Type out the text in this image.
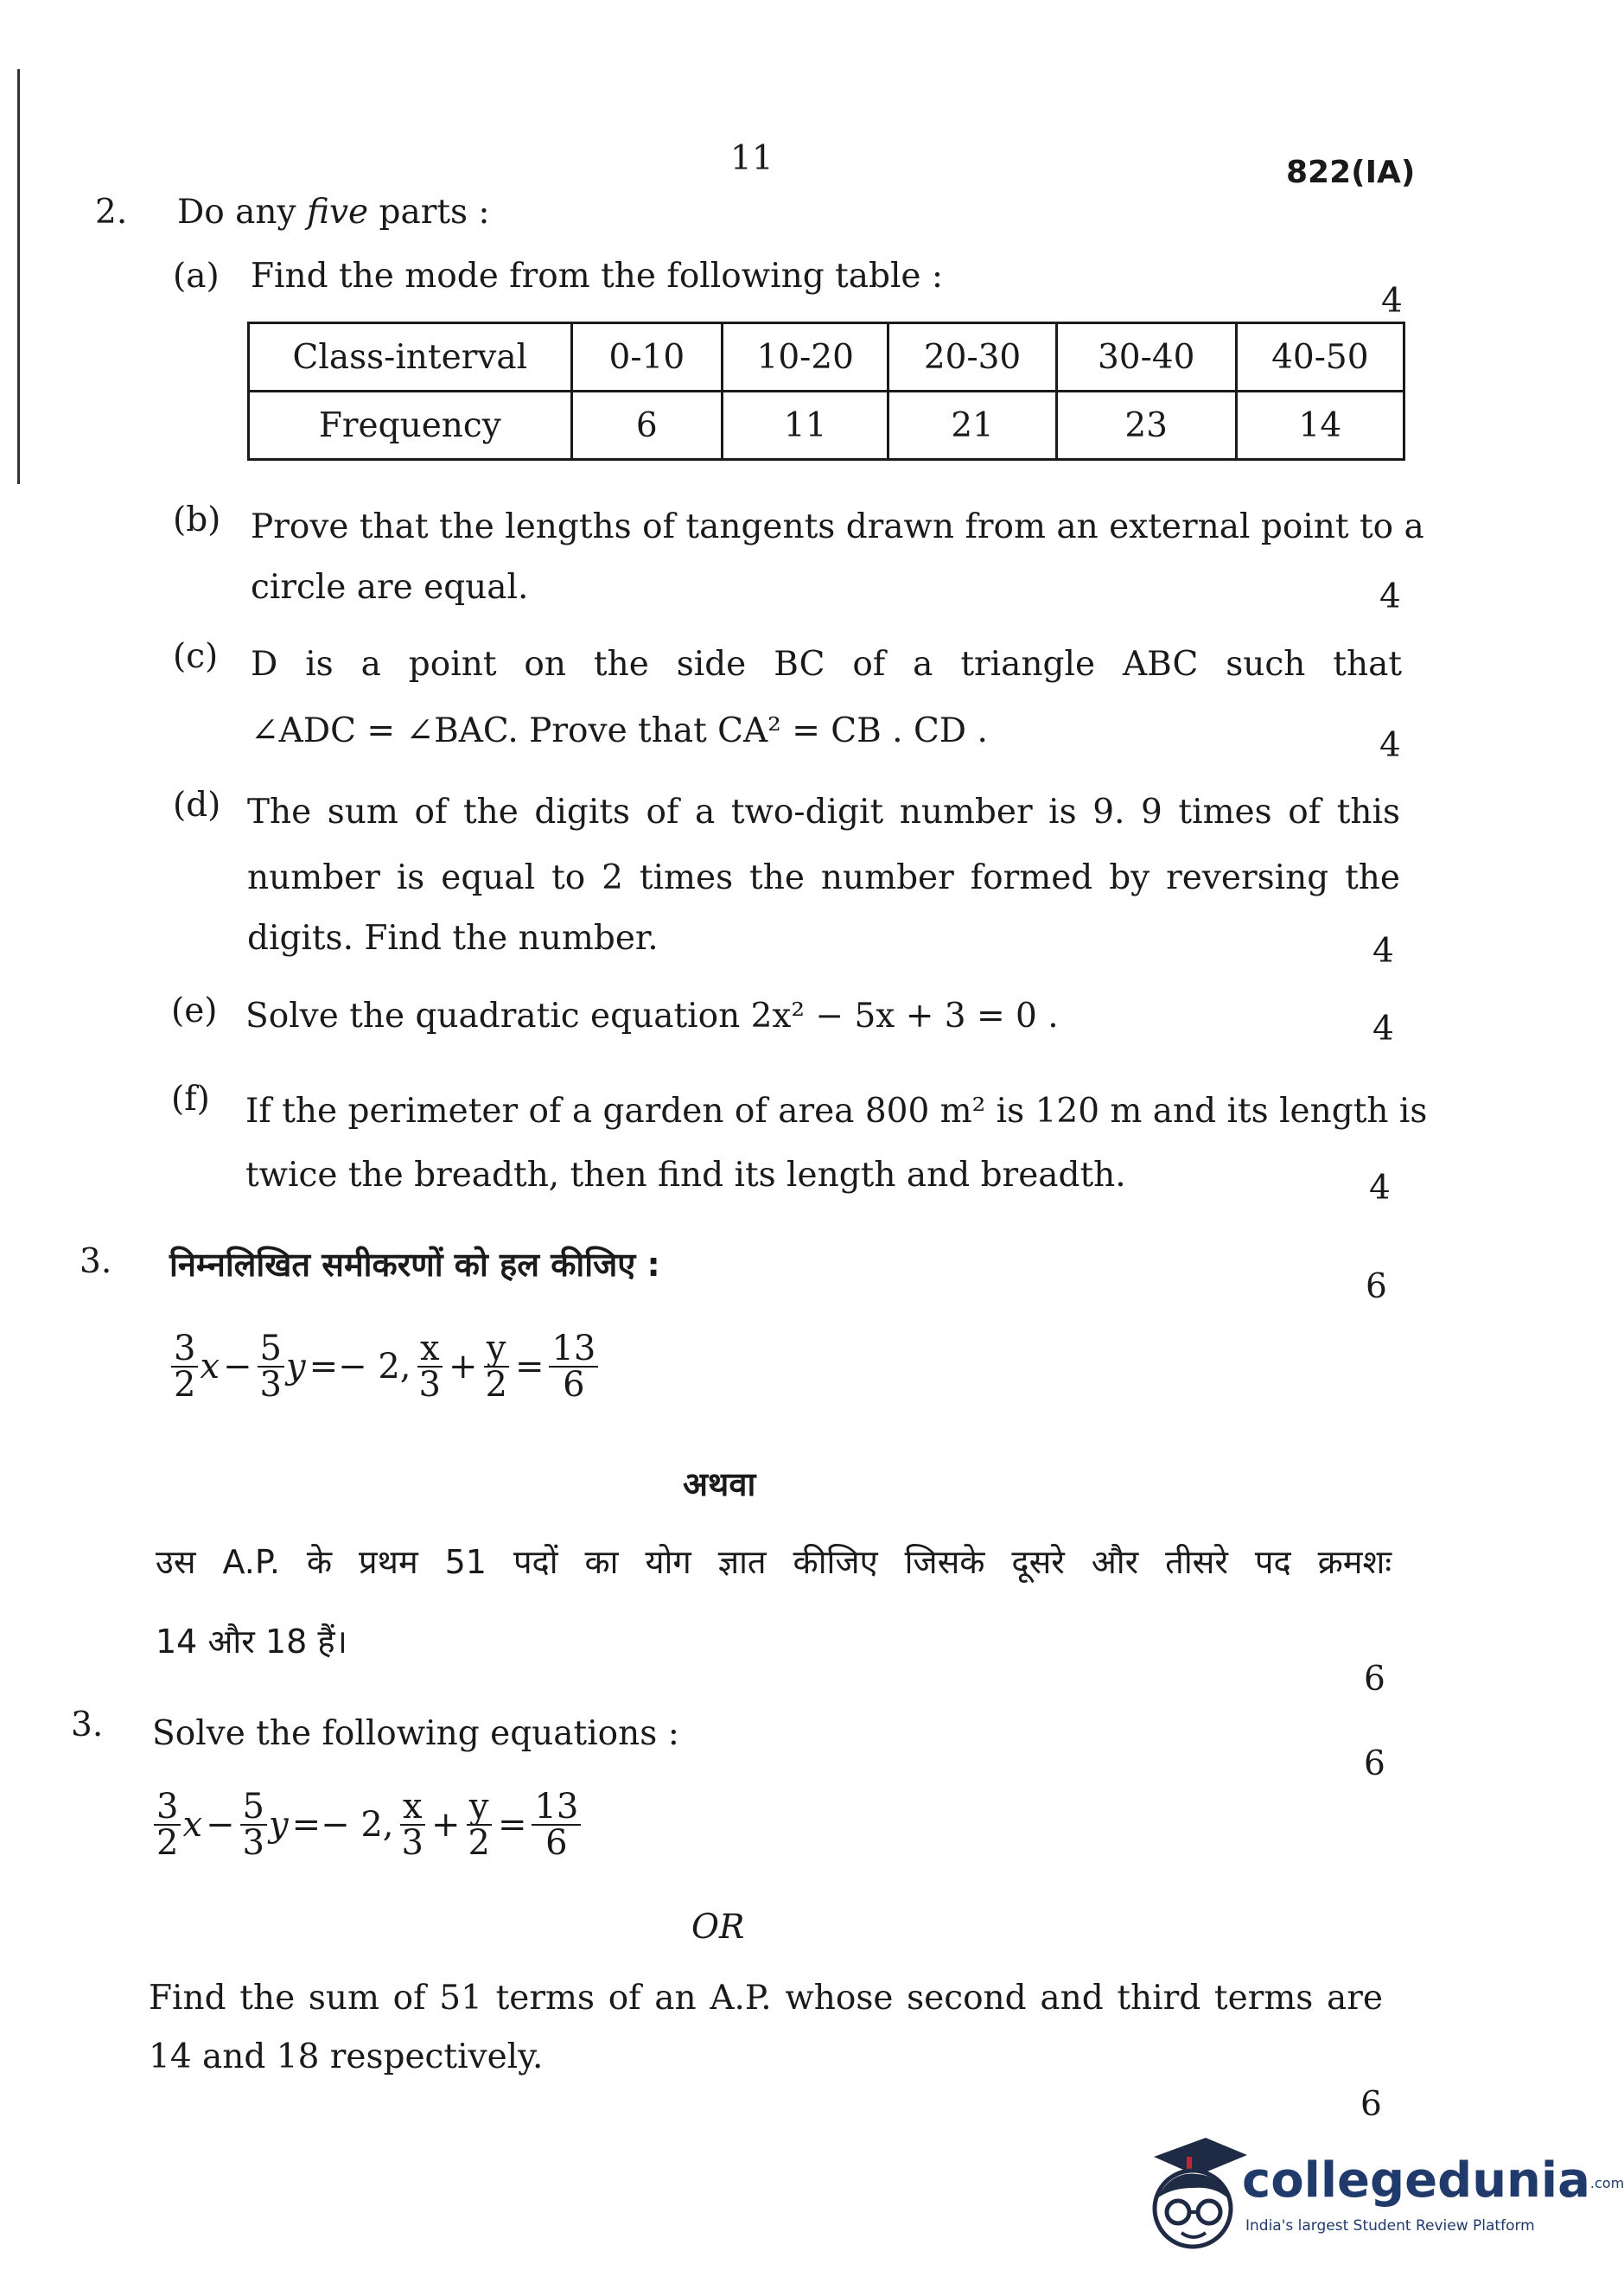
11	822(IA)
2. Do any five parts :
(a) Find the mode from the following table :
4
Class-interval	0-10	10-20	20-30	30-40	40-50
Frequency	6	11	21	23	14
(b) Prove that the lengths of tangents drawn from an external point to a
circle are equal.	4
(c) D is a point on the side BC of a triangle ABC such that
∠ADC = ∠BAC. Prove that CA² = CB . CD .	4
(d) The sum of the digits of a two-digit number is 9. 9 times of this
number is equal to 2 times the number formed by reversing the
digits. Find the number.	4
(e) Solve the quadratic equation 2x² − 5x + 3 = 0 .	4
(f) If the perimeter of a garden of area 800 m² is 120 m and its length is
twice the breadth, then find its length and breadth.	4
3. निम्नलिखित समीकरणों को हल कीजिए :
6
$\frac{3}{2}$ $x - \frac{5}{3}$ y =− 2, $\frac{x}{3} + \frac{y}{2} = \frac{13}{6}$
अथवा
उस A.P. के प्रथम 51 पदों का योग ज्ञात कीजिए जिसके दूसरे और तीसरे पद क्रमशः
14 और 18 हैं।
6
3. Solve the following equations :
6
$\frac{3}{2}$ $x - \frac{5}{3}$ y =− 2, $\frac{x}{3} + \frac{y}{2} = \frac{13}{6}$
OR
Find the sum of 51 terms of an A.P. whose second and third terms are
14 and 18 respectively.
6
collegedunia.com
India's largest Student Review Platform
